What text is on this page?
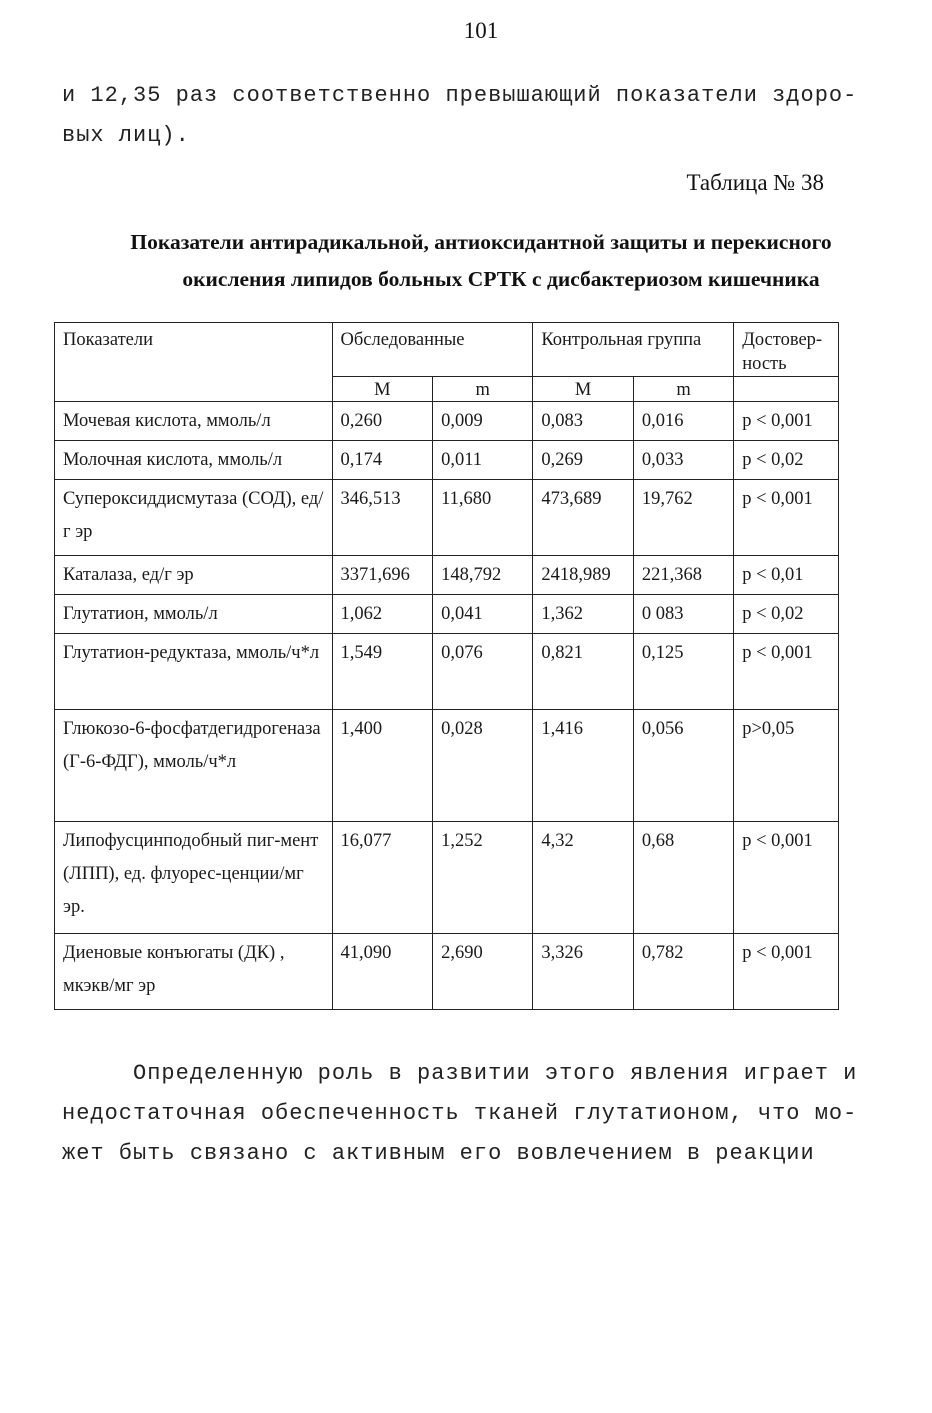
101
и 12,35 раз соответственно превышающий показатели здоро-
вых лиц).
Таблица № 38
Показатели антирадикальной, антиоксидантной защиты и перекисного
окисления липидов больных СРТК с дисбактериозом кишечника
Показатели	Обследованные		Контрольная группа		Достовер-ность
	М	m	М	m	
Мочевая кислота, ммоль/л	0,260	0,009	0,083	0,016	p < 0,001
Молочная кислота, ммоль/л	0,174	0,011	0,269	0,033	p < 0,02
Супероксиддисмутаза (СОД), ед/г эр	346,513	11,680	473,689	19,762	p < 0,001
Каталаза, ед/г эр	3371,696	148,792	2418,989	221,368	p < 0,01
Глутатион, ммоль/л	1,062	0,041	1,362	0 083	p < 0,02
Глутатион-редуктаза, ммоль/ч*л	1,549	0,076	0,821	0,125	p < 0,001
Глюкозо-6-фосфатдегидрогеназа (Г-6-ФДГ), ммоль/ч*л	1,400	0,028	1,416	0,056	p>0,05
Липофусцинподобный пиг-мент (ЛПП), ед. флуорес-ценции/мг эр.	16,077	1,252	4,32	0,68	p < 0,001
Диеновые конъюгаты (ДК) , мкэкв/мг эр	41,090	2,690	3,326	0,782	p < 0,001
Определенную роль в развитии этого явления играет и
недостаточная обеспеченность тканей глутатионом, что мо-
жет быть связано с активным его вовлечением в реакции
